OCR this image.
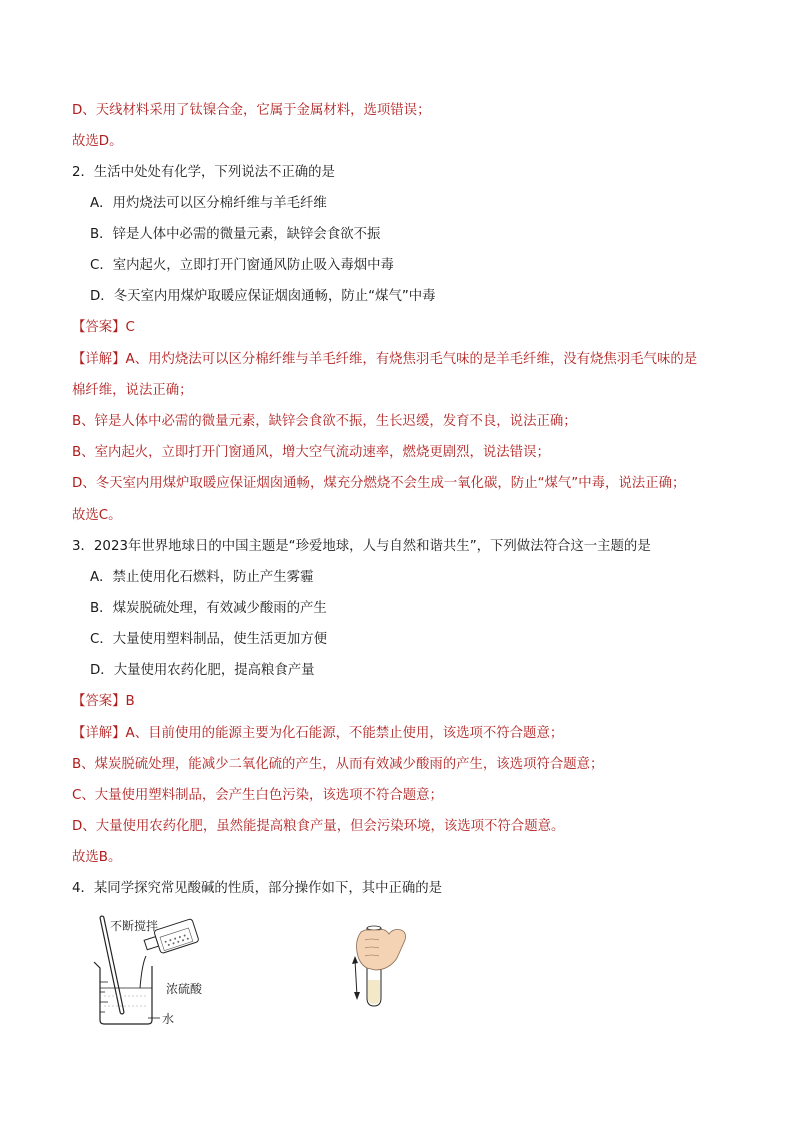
D、天线材料采用了钛镍合金，它属于金属材料，选项错误；
故选D。
2．生活中处处有化学，下列说法不正确的是
A．用灼烧法可以区分棉纤维与羊毛纤维
B．锌是人体中必需的微量元素，缺锌会食欲不振
C．室内起火，立即打开门窗通风防止吸入毒烟中毒
D．冬天室内用煤炉取暖应保证烟囱通畅，防止“煤气”中毒
【答案】C
【详解】A、用灼烧法可以区分棉纤维与羊毛纤维，有烧焦羽毛气味的是羊毛纤维，没有烧焦羽毛气味的是
棉纤维，说法正确；
B、锌是人体中必需的微量元素，缺锌会食欲不振，生长迟缓，发育不良，说法正确；
B、室内起火，立即打开门窗通风，增大空气流动速率，燃烧更剧烈，说法错误；
D、冬天室内用煤炉取暖应保证烟囱通畅，煤充分燃烧不会生成一氧化碳，防止“煤气”中毒，说法正确；
故选C。
3．2023年世界地球日的中国主题是“珍爱地球，人与自然和谐共生”，下列做法符合这一主题的是
A．禁止使用化石燃料，防止产生雾霾
B．煤炭脱硫处理，有效减少酸雨的产生
C．大量使用塑料制品，使生活更加方便
D．大量使用农药化肥，提高粮食产量
【答案】B
【详解】A、目前使用的能源主要为化石能源，不能禁止使用，该选项不符合题意；
B、煤炭脱硫处理，能减少二氧化硫的产生，从而有效减少酸雨的产生，该选项符合题意；
C、大量使用塑料制品，会产生白色污染，该选项不符合题意；
D、大量使用农药化肥，虽然能提高粮食产量，但会污染环境，该选项不符合题意。
故选B。
4．某同学探究常见酸碱的性质，部分操作如下，其中正确的是
不断搅拌
浓硫酸
水
